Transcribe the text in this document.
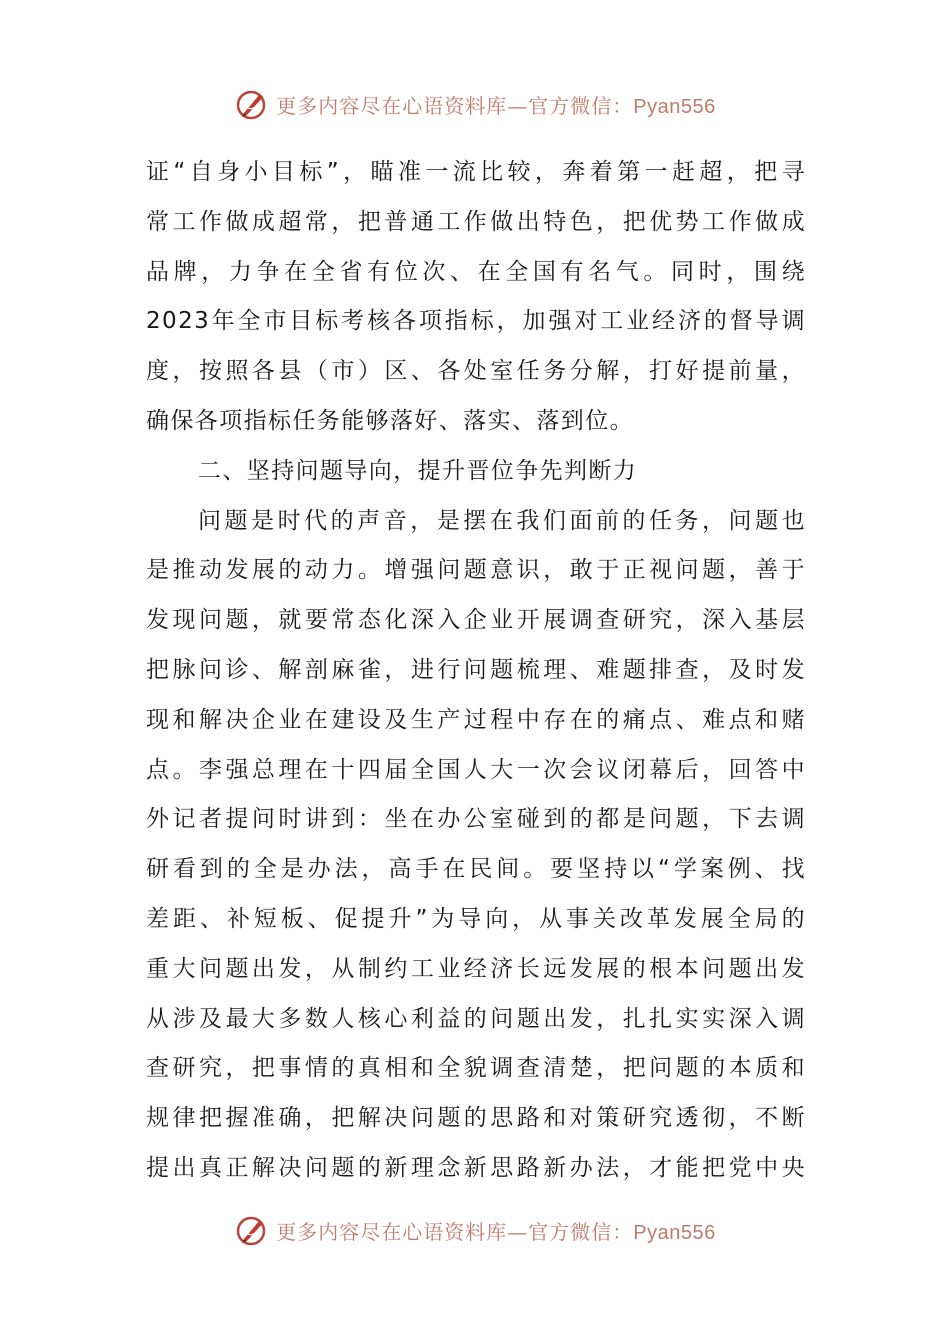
更多内容尽在心语资料库—官方微信：Pyan556
证“自身小目标”，瞄准一流比较，奔着第一赶超，把寻
常工作做成超常，把普通工作做出特色，把优势工作做成
品牌，力争在全省有位次、在全国有名气。同时，围绕
2023年全市目标考核各项指标，加强对工业经济的督导调
度，按照各县（市）区、各处室任务分解，打好提前量，
确保各项指标任务能够落好、落实、落到位。
二、坚持问题导向，提升晋位争先判断力
问题是时代的声音，是摆在我们面前的任务，问题也
是推动发展的动力。增强问题意识，敢于正视问题，善于
发现问题，就要常态化深入企业开展调查研究，深入基层
把脉问诊、解剖麻雀，进行问题梳理、难题排查，及时发
现和解决企业在建设及生产过程中存在的痛点、难点和赌
点。李强总理在十四届全国人大一次会议闭幕后，回答中
外记者提问时讲到：坐在办公室碰到的都是问题，下去调
研看到的全是办法，高手在民间。要坚持以“学案例、找
差距、补短板、促提升”为导向，从事关改革发展全局的
重大问题出发，从制约工业经济长远发展的根本问题出发
从涉及最大多数人核心利益的问题出发，扎扎实实深入调
查研究，把事情的真相和全貌调查清楚，把问题的本质和
规律把握准确，把解决问题的思路和对策研究透彻，不断
提出真正解决问题的新理念新思路新办法，才能把党中央
更多内容尽在心语资料库—官方微信：Pyan556
